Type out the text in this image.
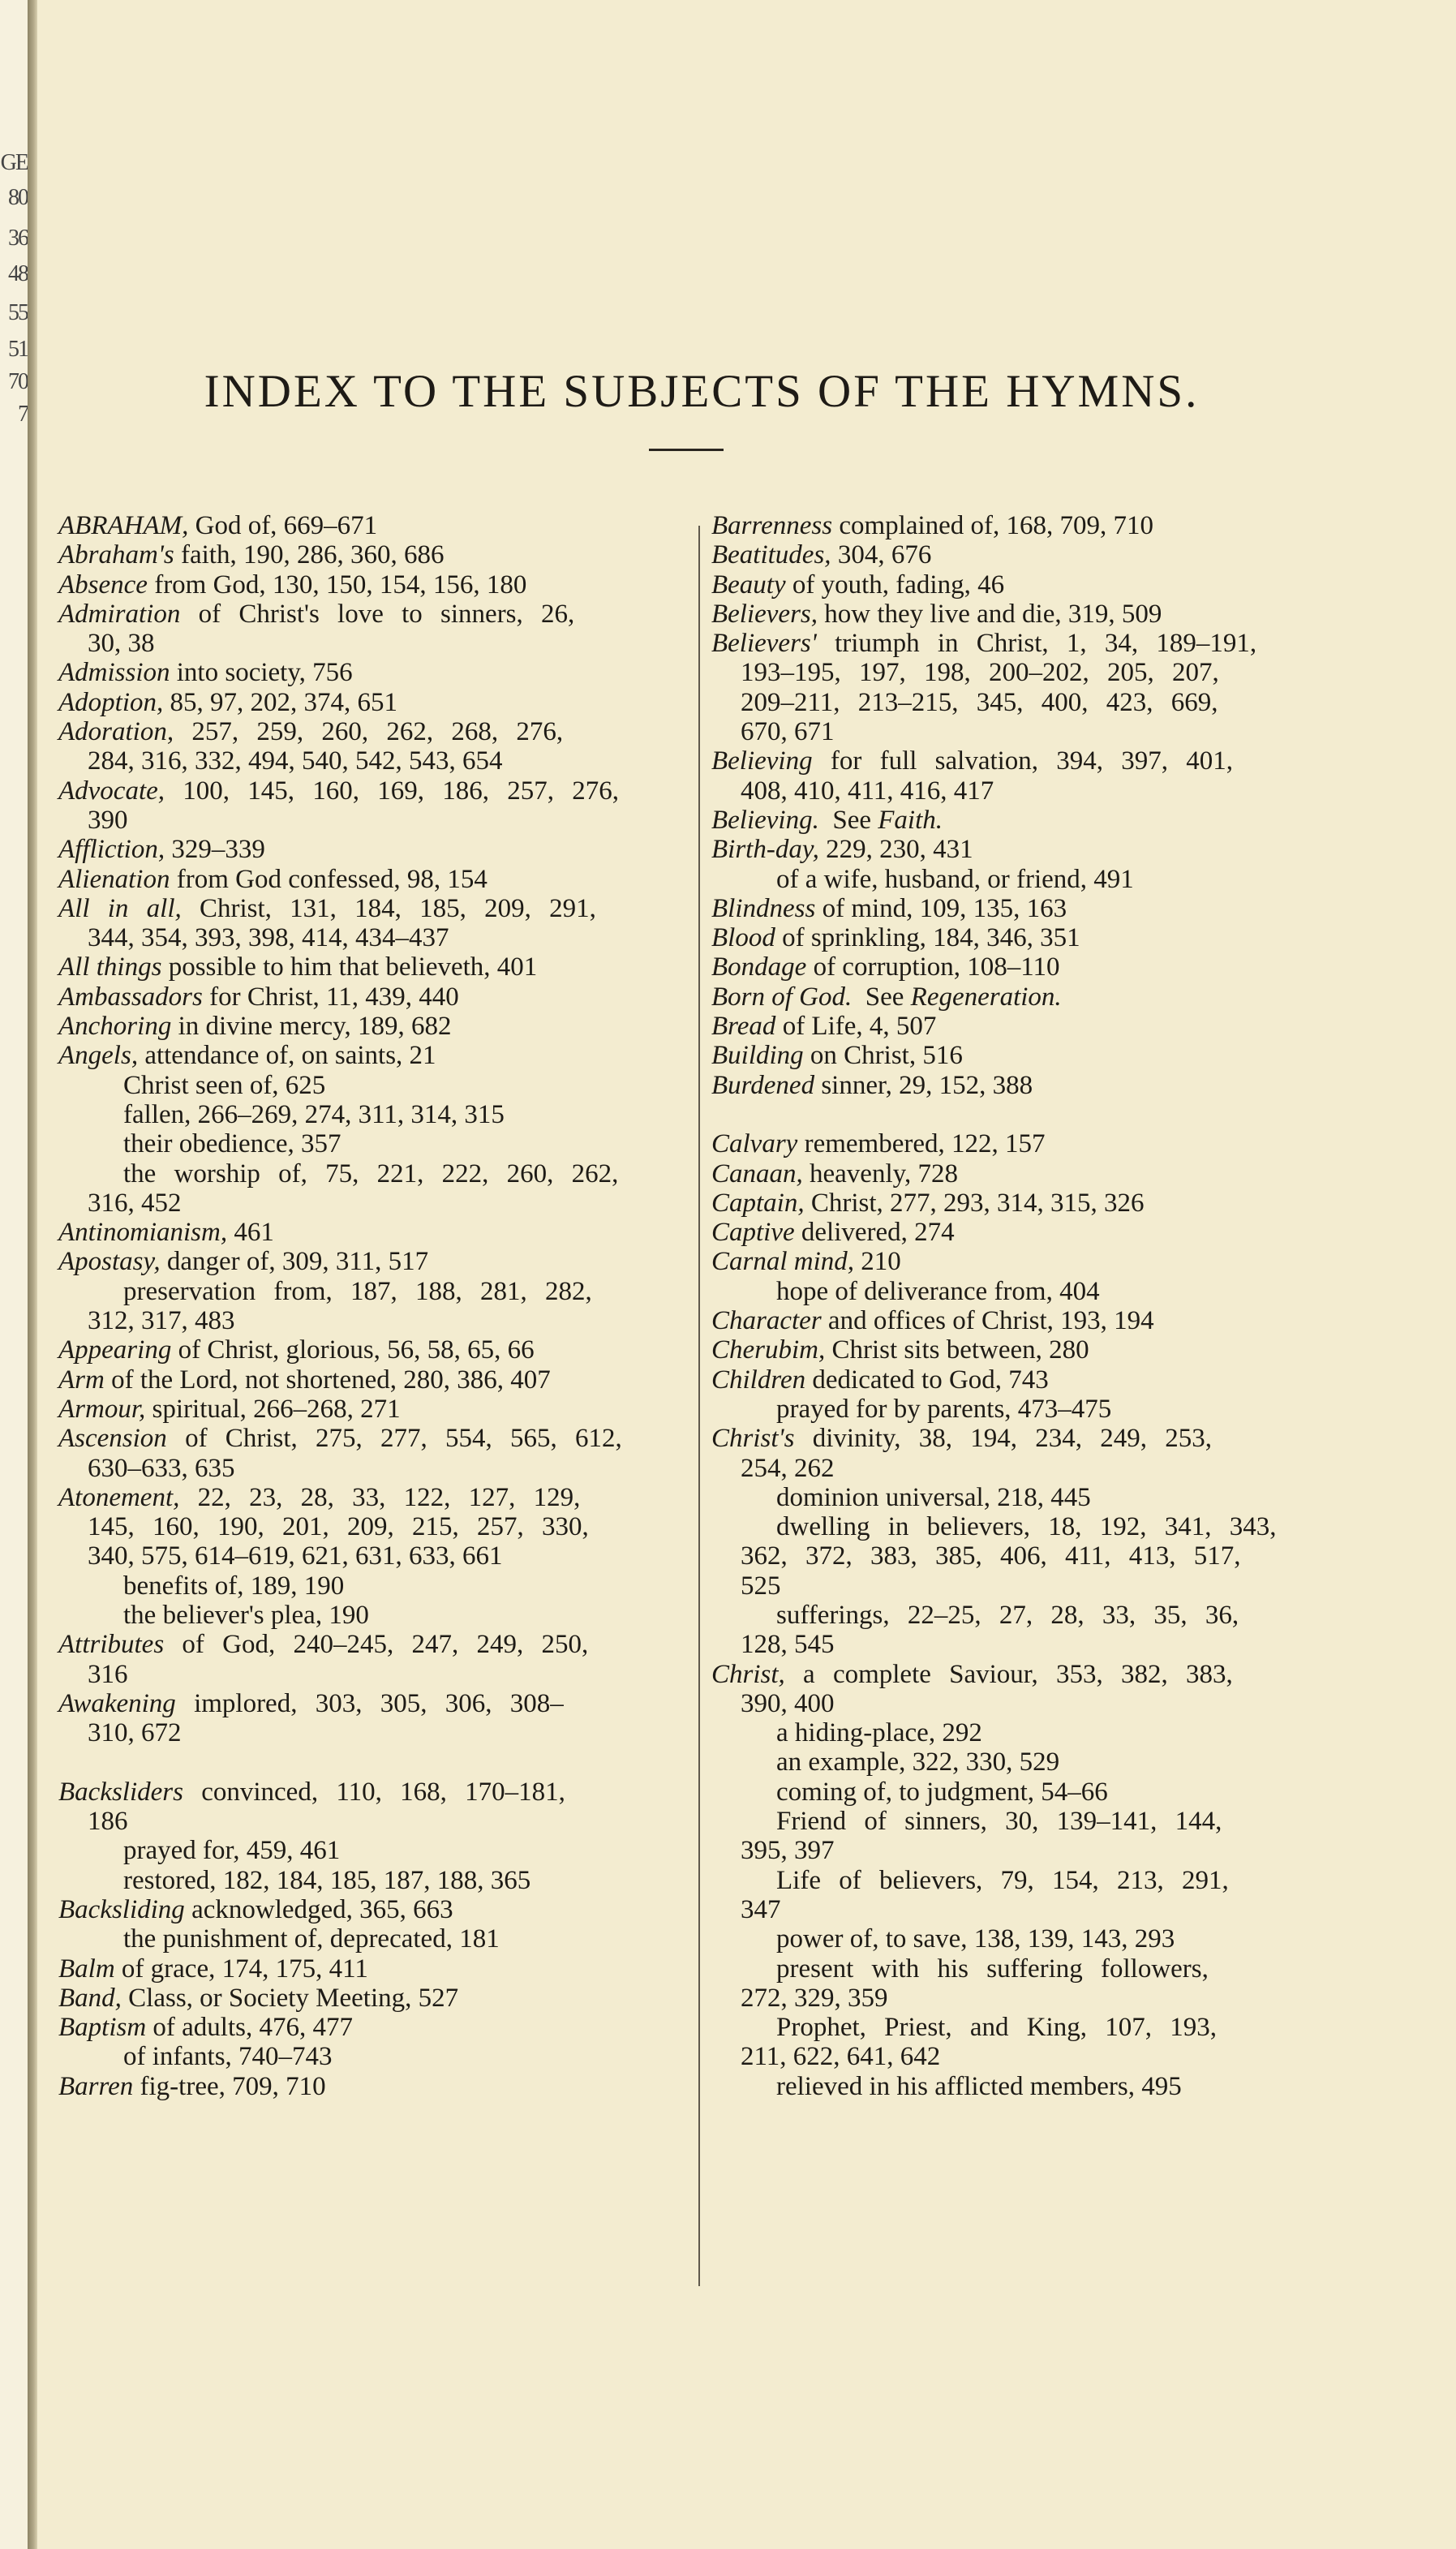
GE
80
36
48
55
51
70
7	INDEX TO THE SUBJECTS OF THE HYMNS.
ABRAHAM, God of, 669–671
Abraham's faith, 190, 286, 360, 686
Absence from God, 130, 150, 154, 156, 180
Admiration of Christ's love to sinners, 26,
30, 38
Admission into society, 756
Adoption, 85, 97, 202, 374, 651
Adoration, 257, 259, 260, 262, 268, 276,
284, 316, 332, 494, 540, 542, 543, 654
Advocate, 100, 145, 160, 169, 186, 257, 276,
390
Affliction, 329–339
Alienation from God confessed, 98, 154
All in all, Christ, 131, 184, 185, 209, 291,
344, 354, 393, 398, 414, 434–437
All things possible to him that believeth, 401
Ambassadors for Christ, 11, 439, 440
Anchoring in divine mercy, 189, 682
Angels, attendance of, on saints, 21
Christ seen of, 625
fallen, 266–269, 274, 311, 314, 315
their obedience, 357
the worship of, 75, 221, 222, 260, 262,
316, 452
Antinomianism, 461
Apostasy, danger of, 309, 311, 517
preservation from, 187, 188, 281, 282,
312, 317, 483
Appearing of Christ, glorious, 56, 58, 65, 66
Arm of the Lord, not shortened, 280, 386, 407
Armour, spiritual, 266–268, 271
Ascension of Christ, 275, 277, 554, 565, 612,
630–633, 635
Atonement, 22, 23, 28, 33, 122, 127, 129,
145, 160, 190, 201, 209, 215, 257, 330,
340, 575, 614–619, 621, 631, 633, 661
benefits of, 189, 190
the believer's plea, 190
Attributes of God, 240–245, 247, 249, 250,
316
Awakening implored, 303, 305, 306, 308–
310, 672
Backsliders convinced, 110, 168, 170–181,
186
prayed for, 459, 461
restored, 182, 184, 185, 187, 188, 365
Backsliding acknowledged, 365, 663
the punishment of, deprecated, 181
Balm of grace, 174, 175, 411
Band, Class, or Society Meeting, 527
Baptism of adults, 476, 477
of infants, 740–743
Barren fig-tree, 709, 710
Barrenness complained of, 168, 709, 710
Beatitudes, 304, 676
Beauty of youth, fading, 46
Believers, how they live and die, 319, 509
Believers' triumph in Christ, 1, 34, 189–191,
193–195, 197, 198, 200–202, 205, 207,
209–211, 213–215, 345, 400, 423, 669,
670, 671
Believing for full salvation, 394, 397, 401,
408, 410, 411, 416, 417
Believing.  See Faith.
Birth-day, 229, 230, 431
of a wife, husband, or friend, 491
Blindness of mind, 109, 135, 163
Blood of sprinkling, 184, 346, 351
Bondage of corruption, 108–110
Born of God.  See Regeneration.
Bread of Life, 4, 507
Building on Christ, 516
Burdened sinner, 29, 152, 388
Calvary remembered, 122, 157
Canaan, heavenly, 728
Captain, Christ, 277, 293, 314, 315, 326
Captive delivered, 274
Carnal mind, 210
hope of deliverance from, 404
Character and offices of Christ, 193, 194
Cherubim, Christ sits between, 280
Children dedicated to God, 743
prayed for by parents, 473–475
Christ's divinity, 38, 194, 234, 249, 253,
254, 262
dominion universal, 218, 445
dwelling in believers, 18, 192, 341, 343,
362, 372, 383, 385, 406, 411, 413, 517,
525
sufferings, 22–25, 27, 28, 33, 35, 36,
128, 545
Christ, a complete Saviour, 353, 382, 383,
390, 400
a hiding-place, 292
an example, 322, 330, 529
coming of, to judgment, 54–66
Friend of sinners, 30, 139–141, 144,
395, 397
Life of believers, 79, 154, 213, 291,
347
power of, to save, 138, 139, 143, 293
present with his suffering followers,
272, 329, 359
Prophet, Priest, and King, 107, 193,
211, 622, 641, 642
relieved in his afflicted members, 495
